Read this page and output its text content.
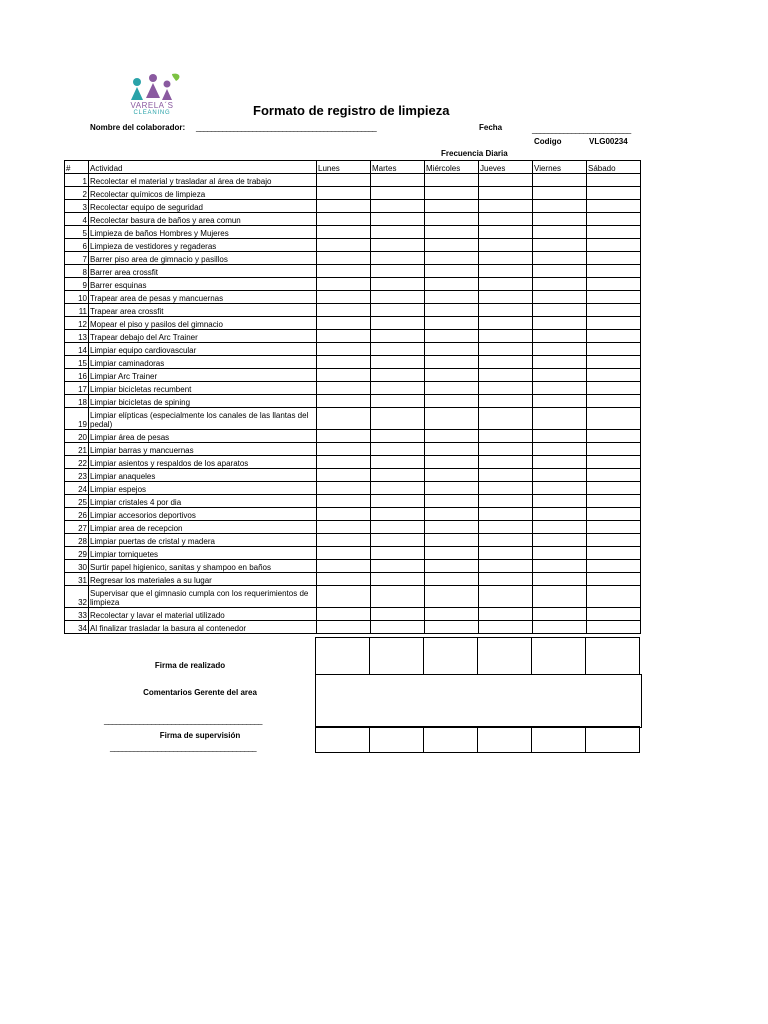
VARELA´S
CLEANING	Formato de registro de limpieza
Nombre del colaborador: ________________________________________________	Fecha	_________________________
Codigo	VLG00234
Frecuencia Diaria
#	Actividad	Lunes	Martes	Miércoles	Jueves	Viernes	Sábado
1	Recolectar el material y trasladar al área de trabajo						
2	Recolectar químicos de limpieza						
3	Recolectar equipo de seguridad						
4	Recolectar basura de baños y area comun						
5	Limpieza de baños Hombres y Mujeres						
6	Limpieza de vestidores y regaderas						
7	Barrer piso area de gimnacio y pasillos						
8	Barrer area crossfit						
9	Barrer esquinas						
10	Trapear area de pesas y mancuernas						
11	Trapear area crossfit						
12	Mopear el piso y pasilos del gimnacio						
13	Trapear debajo del Arc Trainer						
14	Limpiar equipo cardiovascular						
15	Limpiar caminadoras						
16	Limpiar Arc Trainer						
17	Limpiar bicicletas recumbent						
18	Limpiar bicicletas de spining						
19	Limpiar elípticas (especialmente los canales de las llantas del pedal)						
20	Limpiar área de pesas						
21	Limpiar barras y mancuernas						
22	Limpiar asientos y respaldos de los aparatos						
23	Limpiar anaqueles						
24	Limpiar espejos						
25	Limpiar cristales 4 por dia						
26	Limpiar accesorios deportivos						
27	Limpiar area de recepcion						
28	Limpiar puertas de cristal y madera						
29	Limpiar torniquetes						
30	Surtir papel higienico, sanitas y shampoo en baños						
31	Regresar los materiales a su lugar						
32	Supervisar que el gimnasio cumpla con los requerimientos de limpieza						
33	Recolectar y lavar el material utilizado						
34	Al finalizar trasladar la basura al contenedor						

Firma de realizado
Comentarios Gerente del area
________________________________________
Firma de supervisión
_____________________________________
